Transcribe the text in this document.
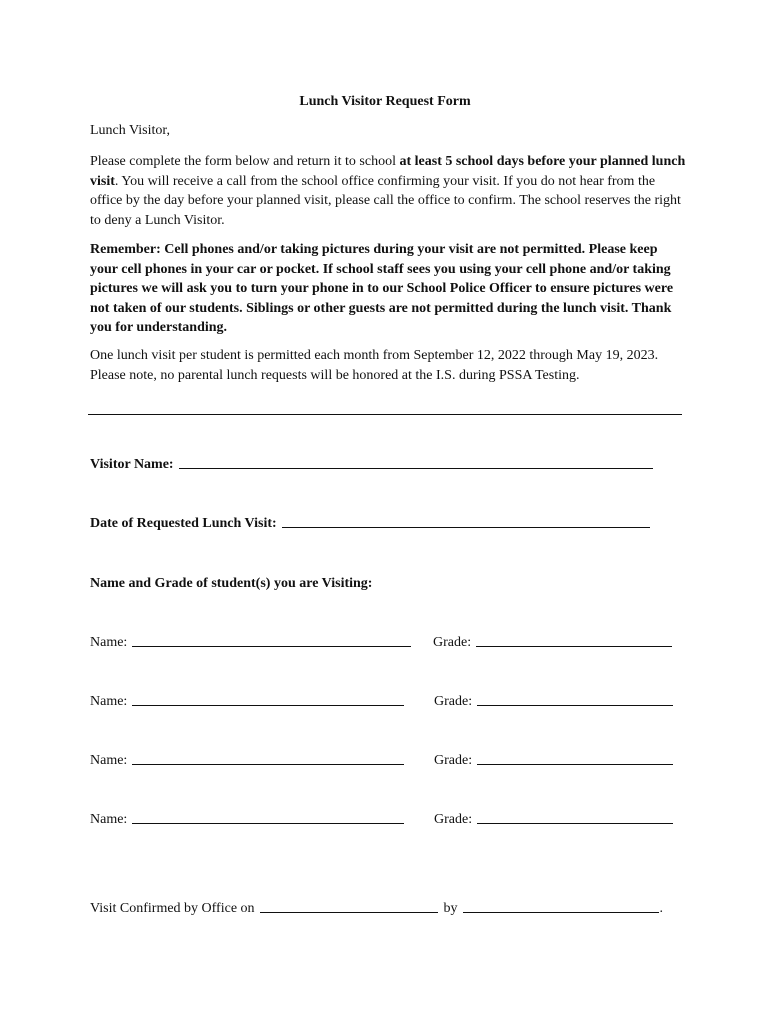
Lunch Visitor Request Form
Lunch Visitor,
Please complete the form below and return it to school at least 5 school days before your planned lunch visit. You will receive a call from the school office confirming your visit. If you do not hear from the office by the day before your planned visit, please call the office to confirm. The school reserves the right to deny a Lunch Visitor.
Remember: Cell phones and/or taking pictures during your visit are not permitted. Please keep your cell phones in your car or pocket. If school staff sees you using your cell phone and/or taking pictures we will ask you to turn your phone in to our School Police Officer to ensure pictures were not taken of our students. Siblings or other guests are not permitted during the lunch visit. Thank you for understanding.
One lunch visit per student is permitted each month from September 12, 2022 through May 19, 2023. Please note, no parental lunch requests will be honored at the I.S. during PSSA Testing.
Visitor Name:
Date of Requested Lunch Visit:
Name and Grade of student(s) you are Visiting:
Name:	Grade:
Name:	Grade:
Name:	Grade:
Name:	Grade:
Visit Confirmed by Office on	by	.
